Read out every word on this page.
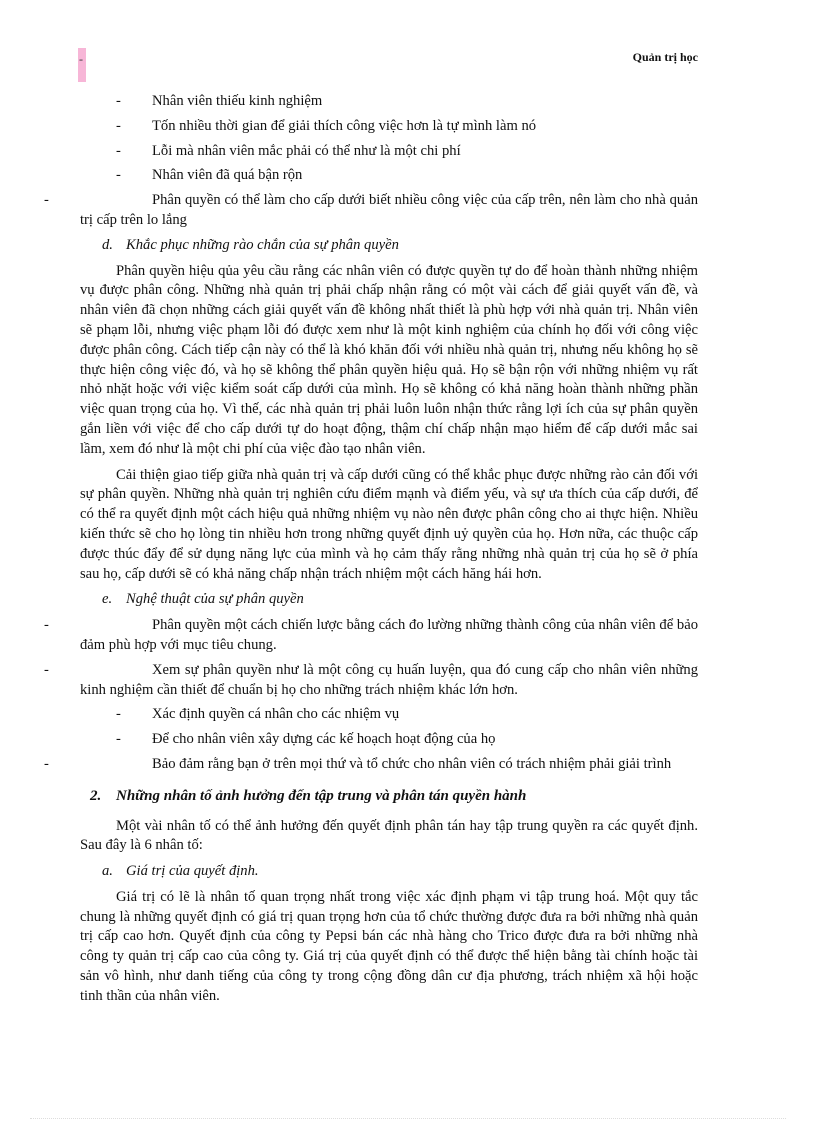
-	Quản trị học
- Nhân viên thiếu kinh nghiệm
- Tốn nhiều thời gian để giải thích công việc hơn là tự mình làm nó
- Lỗi mà nhân viên mắc phải có thể như là một chi phí
- Nhân viên đã quá bận rộn

-	Phân quyền có thể làm cho cấp dưới biết nhiều công việc của cấp trên, nên làm cho nhà quản trị cấp trên lo lắng

d. Khắc phục những rào chắn của sự phân quyền

Phân quyền hiệu qủa yêu cầu rằng các nhân viên có được quyền tự do để hoàn thành những nhiệm vụ được phân công. Những nhà quản trị phải chấp nhận rằng có một vài cách để giải quyết vấn đề, và nhân viên đã chọn những cách giải quyết vấn đề không nhất thiết là phù hợp với nhà quản trị. Nhân viên sẽ phạm lỗi, nhưng việc phạm lỗi đó được xem như là một kinh nghiệm của chính họ đối với công việc được phân công. Cách tiếp cận này có thể là khó khăn đối với nhiều nhà quản trị, nhưng nếu không họ sẽ thực hiện công việc đó, và họ sẽ không thể phân quyền hiệu quả. Họ sẽ bận rộn với những nhiệm vụ rất nhỏ nhặt hoặc với việc kiểm soát cấp dưới của mình. Họ sẽ không có khả năng hoàn thành những phần việc quan trọng của họ. Vì thế, các nhà quản trị phải luôn luôn nhận thức rằng lợi ích của sự phân quyền gắn liền với việc để cho cấp dưới tự do hoạt động, thậm chí chấp nhận mạo hiểm để cấp dưới mắc sai lầm, xem đó như là một chi phí của việc đào tạo nhân viên.

Cải thiện giao tiếp giữa nhà quản trị và cấp dưới cũng có thể khắc phục được những rào cản đối với sự phân quyền. Những nhà quản trị nghiên cứu điểm mạnh và điểm yếu, và sự ưa thích của cấp dưới, để có thể ra quyết định một cách hiệu quả những nhiệm vụ nào nên được phân công cho ai thực hiện. Nhiều kiến thức sẽ cho họ lòng tin nhiều hơn trong những quyết định uỷ quyền của họ. Hơn nữa, các thuộc cấp được thúc đẩy để sử dụng năng lực của mình và họ cảm thấy rằng những nhà quản trị của họ sẽ ở phía sau họ, cấp dưới sẽ có khả năng chấp nhận trách nhiệm một cách hăng hái hơn.

e. Nghệ thuật của sự phân quyền

-	Phân quyền một cách chiến lược bằng cách đo lường những thành công của nhân viên để bảo đảm phù hợp với mục tiêu chung.

-	Xem sự phân quyền như là một công cụ huấn luyện, qua đó cung cấp cho nhân viên những kinh nghiệm cần thiết để chuẩn bị họ cho những trách nhiệm khác lớn hơn.

- Xác định quyền cá nhân cho các nhiệm vụ
- Để cho nhân viên xây dựng các kế hoạch hoạt động của họ

-	Bảo đảm rằng bạn ở trên mọi thứ và tổ chức cho nhân viên có trách nhiệm phải giải trình

2. Những nhân tố ảnh hưởng đến tập trung và phân tán quyền hành

Một vài nhân tố có thể ảnh hưởng đến quyết định phân tán hay tập trung quyền ra các quyết định. Sau đây là 6 nhân tố:

a. Giá trị của quyết định.

Giá trị có lẽ là nhân tố quan trọng nhất trong việc xác định phạm vi tập trung hoá. Một quy tắc chung là những quyết định có giá trị quan trọng hơn của tổ chức thường được đưa ra bởi những nhà quản trị cấp cao hơn. Quyết định của công ty Pepsi bán các nhà hàng cho Trico được đưa ra bởi những nhà công ty quản trị cấp cao của công ty. Giá trị của quyết định có thể được thể hiện bằng tài chính hoặc tài sản vô hình, như danh tiếng của công ty trong cộng đồng dân cư địa phương, trách nhiệm xã hội hoặc tinh thần của nhân viên.
